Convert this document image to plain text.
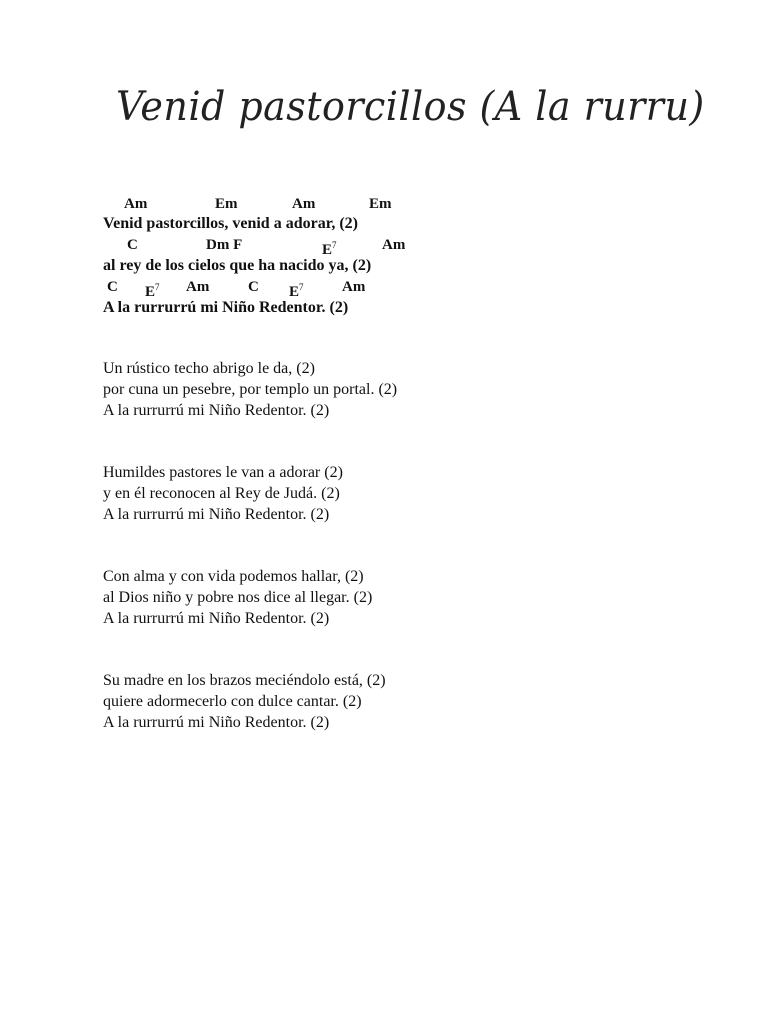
Venid pastorcillos (A la rurru)
Am	Em	Am	Em
Venid pastorcillos, venid a adorar, (2)
C	Dm F	$E^7$	Am
al rey de los cielos que ha nacido ya, (2)
C $E^7$ Am	C $E^7$	Am
A la rurrurrú mi Niño Redentor. (2)
Un rústico techo abrigo le da, (2)
por cuna un pesebre, por templo un portal. (2)
A la rurrurrú mi Niño Redentor. (2)
Humildes pastores le van a adorar (2)
y en él reconocen al Rey de Judá. (2)
A la rurrurrú mi Niño Redentor. (2)
Con alma y con vida podemos hallar, (2)
al Dios niño y pobre nos dice al llegar. (2)
A la rurrurrú mi Niño Redentor. (2)
Su madre en los brazos meciéndolo está, (2)
quiere adormecerlo con dulce cantar. (2)
A la rurrurrú mi Niño Redentor. (2)
